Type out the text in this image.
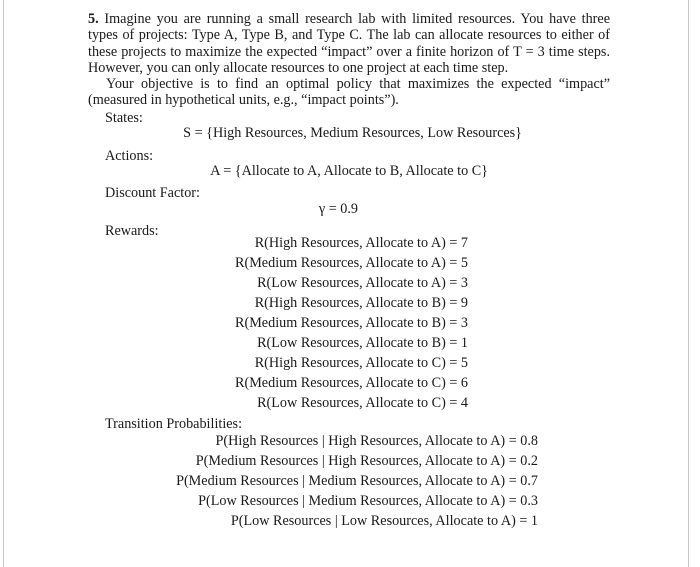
5. Imagine you are running a small research lab with limited resources. You have three types of projects: Type A, Type B, and Type C. The lab can allocate resources to either of these projects to maximize the expected “impact” over a finite horizon of T = 3 time steps. However, you can only allocate resources to one project at each time step.

Your objective is to find an optimal policy that maximizes the expected “impact” (measured in hypothetical units, e.g., “impact points”).

States:
S = {High Resources, Medium Resources, Low Resources}
Actions:
A = {Allocate to A, Allocate to B, Allocate to C}
Discount Factor:
γ = 0.9
Rewards:
R(High Resources, Allocate to A) = 7
R(Medium Resources, Allocate to A) = 5
R(Low Resources, Allocate to A) = 3
R(High Resources, Allocate to B) = 9
R(Medium Resources, Allocate to B) = 3
R(Low Resources, Allocate to B) = 1
R(High Resources, Allocate to C) = 5
R(Medium Resources, Allocate to C) = 6
R(Low Resources, Allocate to C) = 4
Transition Probabilities:
P(High Resources | High Resources, Allocate to A) = 0.8
P(Medium Resources | High Resources, Allocate to A) = 0.2
P(Medium Resources | Medium Resources, Allocate to A) = 0.7
P(Low Resources | Medium Resources, Allocate to A) = 0.3
P(Low Resources | Low Resources, Allocate to A) = 1
